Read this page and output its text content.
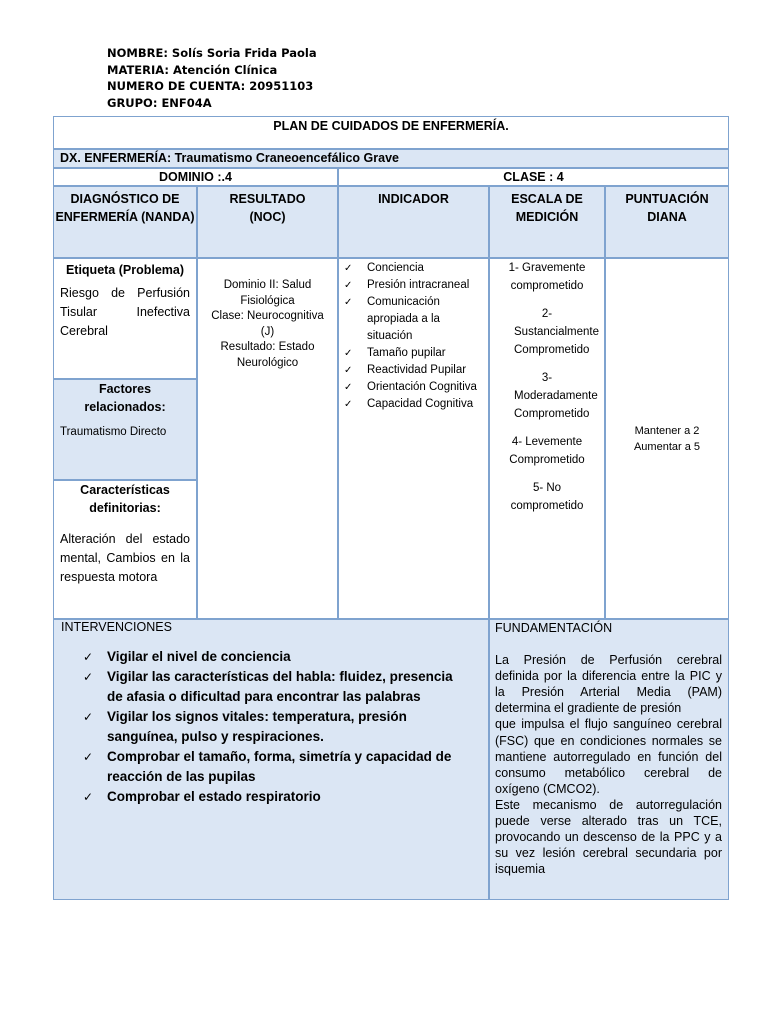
NOMBRE: Solís Soria Frida Paola
MATERIA: Atención Clínica
NUMERO DE CUENTA: 20951103
GRUPO: ENF04A
PLAN DE CUIDADOS DE ENFERMERÍA.
DX. ENFERMERÍA: Traumatismo Craneoencefálico Grave
DOMINIO :.4	CLASE : 4
DIAGNÓSTICO DE ENFERMERÍA (NANDA)
RESULTADO (NOC)
INDICADOR	ESCALA DE MEDICIÓN
PUNTUACIÓN DIANA
Etiqueta (Problema)
Riesgo de Perfusión Tisular Inefectiva Cerebral
Factores relacionados:
Traumatismo Directo
Características definitorias:
Alteración del estado mental, Cambios en la respuesta motora
Dominio II: Salud Fisiológica
Clase: Neurocognitiva (J)
Resultado: Estado Neurológico
✓ Conciencia
✓ Presión intracraneal
✓ Comunicación apropiada a la situación
✓ Tamaño pupilar
✓ Reactividad Pupilar
✓ Orientación Cognitiva
✓ Capacidad Cognitiva
1- Gravemente comprometido
2- Sustancialmente Comprometido
3- Moderadamente Comprometido
4- Levemente Comprometido
5- No comprometido
Mantener a 2
Aumentar a 5
INTERVENCIONES
✓ Vigilar el nivel de conciencia
✓ Vigilar las características del habla: fluidez, presencia de afasia o dificultad para encontrar las palabras
✓ Vigilar los signos vitales: temperatura, presión sanguínea, pulso y respiraciones.
✓ Comprobar el tamaño, forma, simetría y capacidad de reacción de las pupilas
✓ Comprobar el estado respiratorio
FUNDAMENTACIÓN
La Presión de Perfusión cerebral definida por la diferencia entre la PIC y la Presión Arterial Media (PAM) determina el gradiente de presión
que impulsa el flujo sanguíneo cerebral (FSC) que en condiciones normales se mantiene autorregulado en función del consumo metabólico cerebral de oxígeno (CMCO2).
Este mecanismo de autorregulación puede verse alterado tras un TCE, provocando un descenso de la PPC y a su vez lesión cerebral secundaria por isquemia
